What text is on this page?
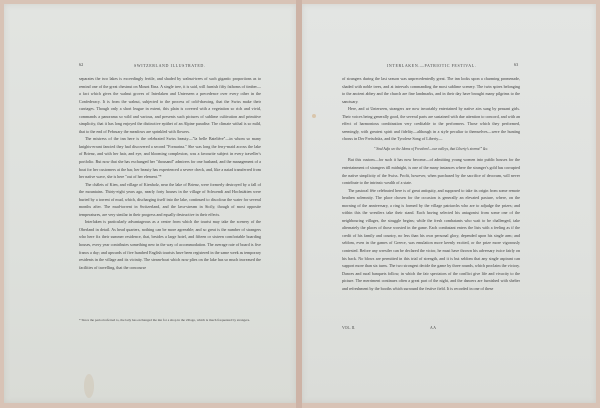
62	SWITZERLAND ILLUSTRATED.

separates the two lakes is exceedingly fertile, and shaded by walnut-trees of such gigantic proportions as to remind one of the great chestnut on Mount Etna. A single tree, it is said, will furnish fifty fathoms of timber—a fact which gives the walnut groves of Interlaken and Unterseen a precedence over every other in the Confederacy. It is from the walnut, subjected to the process of cold-drawing, that the Swiss make their carriages. Though only a short league in extent, this plain is covered with a vegetation so rich and vivid, commands a panorama so wild and various, and presents such pictures of sublime cultivation and primitive simplicity, that it has long enjoyed the distinctive epithet of an Alpine paradise. The climate withal is so mild, that to the end of February the meadows are sprinkled with flowers.

The mistress of the inn here is the celebrated Swiss beauty—"la belle Batelière"—in whom so many knights-errant fancied they had discovered a second "Fornarina." She was long the ferry-maid across the lake of Brienz, and with her hair, and eye, and blooming complexion, was a favourite subject in every traveller's portfolio. But now that she has exchanged her "thousand" admirers for one husband, and the management of a boat for her customers at the bar, her beauty has experienced a severe check, and, like a naiad transferred from her native wave, she is here "out of her element."*

The châlets of Kien, and village of Kienholz, near the lake of Brienz, were formerly destroyed by a fall of the mountains. Thirty-eight years ago, nearly forty houses in the village of Schwendi and Hochstätten were buried by a torrent of mud, which, discharging itself into the lake, continued to discolour the water for several months after. The mud-torrent in Switzerland, and the lava-stream in Sicily, though of most opposite temperatures, are very similar in their progress and equally destructive in their effects.

Interlaken is particularly advantageous as a centre from which the tourist may take the scenery of the Oberland in detail. As head quarters, nothing can be more agreeable; and so great is the number of strangers who here fix their summer residence, that, besides a large hotel, and fifteen or sixteen comfortable boarding houses, every year contributes something new in the way of accommodation. The average rate of board is five francs a day; and upwards of five hundred English tourists have been registered in the same week as temporary residents in the village and its vicinity. The steam-boat which now plies on the lake has so much increased the facilities of travelling, that the concourse

* Since the period referred to, the lady has exchanged the inn for a shop in the village, which is much frequented by strangers.
INTERLAKEN.—PATRIOTIC FESTIVAL.	63

of strangers during the last season was unprecedentedly great. The inn looks upon a charming promenade, shaded with noble trees, and at intervals commanding the most sublime scenery. The twin spires belonging to the ancient abbey and the church are fine landmarks, and in their day have brought many pilgrims to the sanctuary.

Here, and at Unterseen, strangers are now invariably entertained by native airs sung by peasant girls. Their voices being generally good, the several parts are sustained with due attention to concord, and with an effect of harmonious combination very creditable to the performers. Those which they performed, seemingly, with greatest spirit and fidelity—although in a style peculiar to themselves—were the hunting chorus in Der Freischütz, and the Tyrolese Song of Liberty—

" Sind Adja wo the Idoms of Freedom!—our valleys, that Liberty's storms!" &c.

But this custom—for such it has now become—of admitting young women into public houses for the entertainment of strangers till midnight, is one of the many instances where the stranger's gold has corrupted the native simplicity of the Swiss. Profit, however, when purchased by the sacrifice of decorum, will never contribute to the intrinsic wealth of a state.

The pastoral fête celebrated here is of great antiquity, and supposed to take its origin from some remote heathen solemnity. The place chosen for the occasion is generally an elevated pasture, where, on the morning of the anniversary, a ring is formed by the village patriarchs who are to adjudge the prizes; and within this the wrestlers take their stand. Each having selected his antagonist from some one of the neighbouring villages, the struggle begins; while the fresh combatants who wait to be challenged, take alternately the places of those worsted in the game. Each combatant enters the lists with a feeling as if the credit of his family and country, no less than his own personal glory, depended upon his single arm; and seldom, even in the games of Greece, was emulation more keenly excited, or the prize more vigorously contested. Before any wrestler can be declared the victor, he must have thrown his adversary twice fairly on his back. No blows are permitted in this trial of strength, and it is but seldom that any single aspirant can support more than six turns. The two strongest decide the game by three rounds, which proclaim the victory. Dances and rural banquets follow, in which the fair spectators of the conflict give life and vivacity to the picture. The merriment continues often a great part of the night, and the dancers are furnished with shelter and refreshment by the booths which surround the festive field. It is recorded in one of these

VOL. II.	A A
